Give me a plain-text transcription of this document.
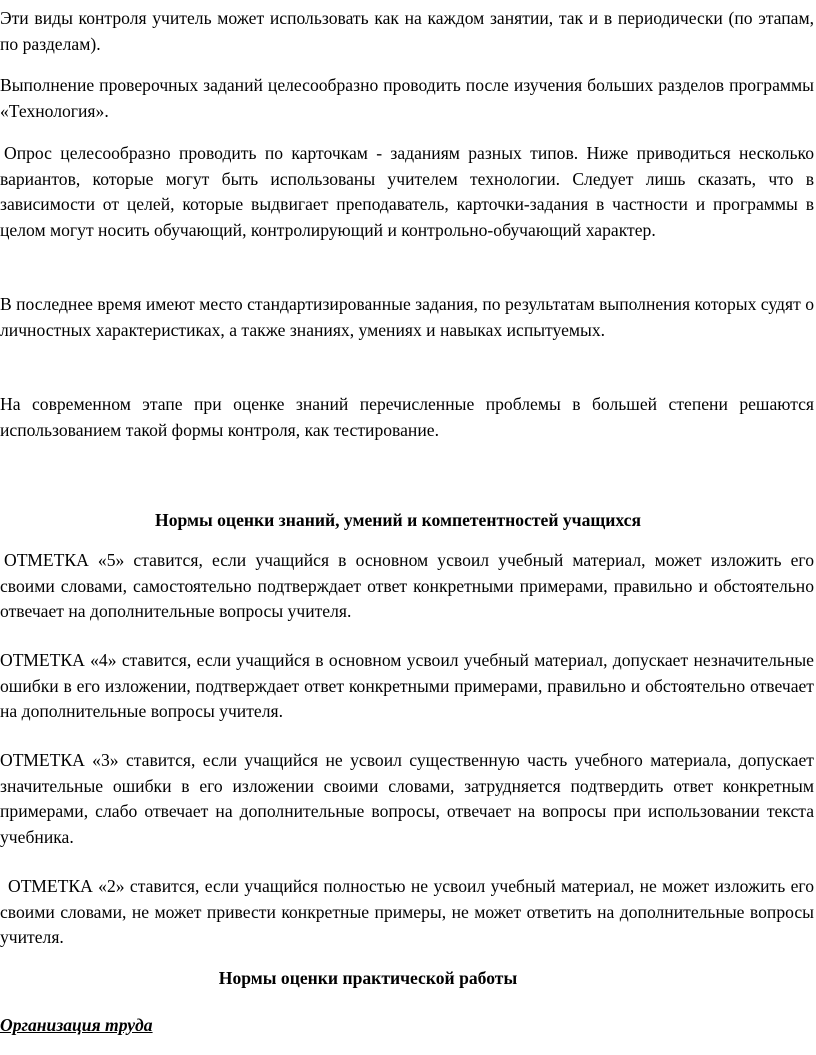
Эти виды контроля учитель может использовать как на каждом занятии, так и в периодически (по этапам, по разделам).

Выполнение проверочных заданий целесообразно проводить после изучения больших разделов программы «Технология».

Опрос целесообразно проводить по карточкам - заданиям разных типов. Ниже приводиться несколько вариантов, которые могут быть использованы учителем технологии. Следует лишь сказать, что в зависимости от целей, которые выдвигает преподаватель, карточки-задания в частности и программы в целом могут носить обучающий, контролирующий и контрольно-обучающий характер.

В последнее время имеют место стандартизированные задания, по результатам выполнения которых судят о личностных характеристиках, а также знаниях, умениях и навыках испытуемых.

На современном этапе при оценке знаний перечисленные проблемы в большей степени решаются использованием такой формы контроля, как тестирование.

Нормы оценки знаний, умений и компетентностей учащихся

ОТМЕТКА «5» ставится, если учащийся в основном усвоил учебный материал, может изложить его своими словами, самостоятельно подтверждает ответ конкретными примерами, правильно и обстоятельно отвечает на дополнительные вопросы учителя.

ОТМЕТКА «4» ставится, если учащийся в основном усвоил учебный материал, допускает незначительные ошибки в его изложении, подтверждает ответ конкретными примерами, правильно и обстоятельно отвечает на дополнительные вопросы учителя.

ОТМЕТКА «3» ставится, если учащийся не усвоил существенную часть учебного материала, допускает значительные ошибки в его изложении своими словами, затрудняется подтвердить ответ конкретным примерами, слабо отвечает на дополнительные вопросы, отвечает на вопросы при использовании текста учебника.

ОТМЕТКА «2» ставится, если учащийся полностью не усвоил учебный материал, не может изложить его своими словами, не может привести конкретные примеры, не может ответить на дополнительные вопросы учителя.

Нормы оценки практической работы
Организация труда
